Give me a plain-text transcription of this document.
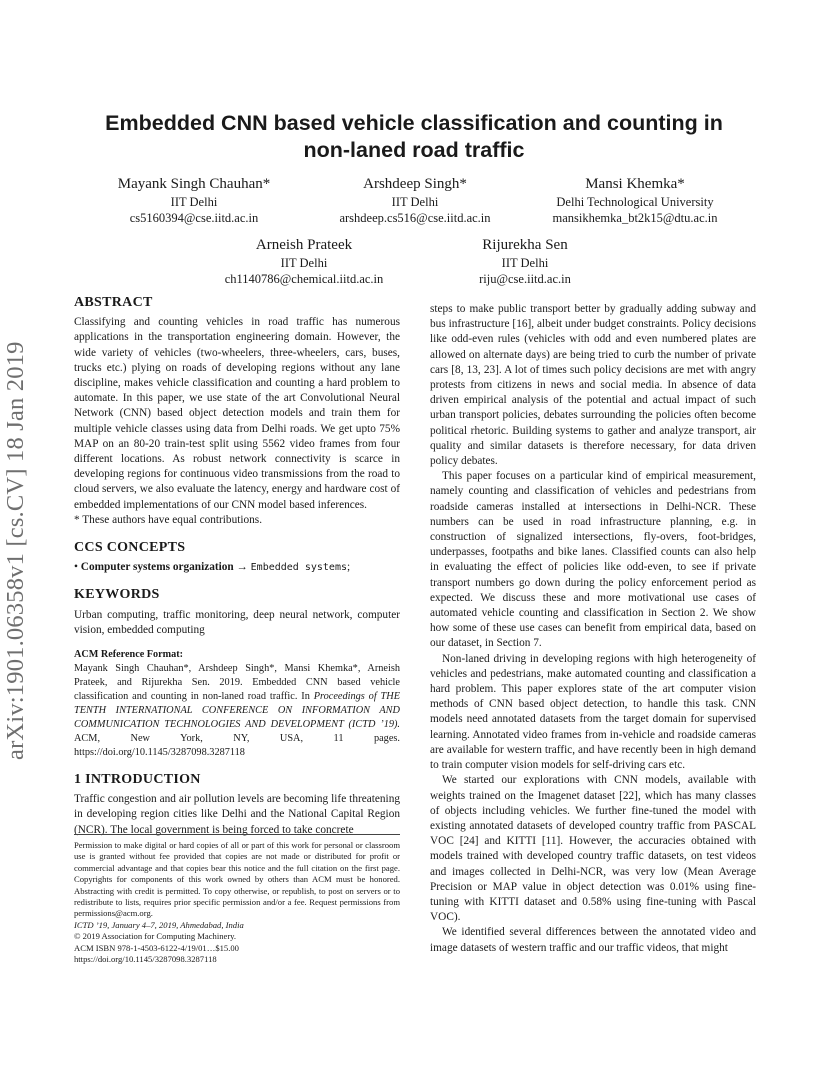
Embedded CNN based vehicle classification and counting in
non-laned road traffic
Mayank Singh Chauhan*
IIT Delhi
cs5160394@cse.iitd.ac.in
Arshdeep Singh*
IIT Delhi
arshdeep.cs516@cse.iitd.ac.in
Mansi Khemka*
Delhi Technological University
mansikhemka_bt2k15@dtu.ac.in
Arneish Prateek
IIT Delhi
ch1140786@chemical.iitd.ac.in
Rijurekha Sen
IIT Delhi
riju@cse.iitd.ac.in
arXiv:1901.06358v1 [cs.CV] 18 Jan 2019
ABSTRACT

Classifying and counting vehicles in road traffic has numerous applications in the transportation engineering domain. However, the wide variety of vehicles (two-wheelers, three-wheelers, cars, buses, trucks etc.) plying on roads of developing regions without any lane discipline, makes vehicle classification and counting a hard problem to automate. In this paper, we use state of the art Convolutional Neural Network (CNN) based object detection models and train them for multiple vehicle classes using data from Delhi roads. We get upto 75% MAP on an 80-20 train-test split using 5562 video frames from four different locations. As robust network connectivity is scarce in developing regions for continuous video transmissions from the road to cloud servers, we also evaluate the latency, energy and hardware cost of embedded implementations of our CNN model based inferences.

* These authors have equal contributions.

CCS CONCEPTS

• Computer systems organization → Embedded systems;

KEYWORDS

Urban computing, traffic monitoring, deep neural network, computer vision, embedded computing

ACM Reference Format:

Mayank Singh Chauhan*, Arshdeep Singh*, Mansi Khemka*, Arneish Prateek, and Rijurekha Sen. 2019. Embedded CNN based vehicle classification and counting in non-laned road traffic. In Proceedings of THE TENTH INTERNATIONAL CONFERENCE ON INFORMATION AND COMMUNICATION TECHNOLOGIES AND DEVELOPMENT (ICTD ’19). ACM, New York, NY, USA, 11 pages. https://doi.org/10.1145/3287098.3287118

1 INTRODUCTION

Traffic congestion and air pollution levels are becoming life threatening in developing region cities like Delhi and the National Capital Region (NCR). The local government is being forced to take concrete

Permission to make digital or hard copies of all or part of this work for personal or classroom use is granted without fee provided that copies are not made or distributed for profit or commercial advantage and that copies bear this notice and the full citation on the first page. Copyrights for components of this work owned by others than ACM must be honored. Abstracting with credit is permitted. To copy otherwise, or republish, to post on servers or to redistribute to lists, requires prior specific permission and/or a fee. Request permissions from permissions@acm.org.

ICTD ’19, January 4–7, 2019, Ahmedabad, India
© 2019 Association for Computing Machinery.
ACM ISBN 978-1-4503-6122-4/19/01…$15.00
https://doi.org/10.1145/3287098.3287118

steps to make public transport better by gradually adding subway and bus infrastructure [16], albeit under budget constraints. Policy decisions like odd-even rules (vehicles with odd and even numbered plates are allowed on alternate days) are being tried to curb the number of private cars [8, 13, 23]. A lot of times such policy decisions are met with angry protests from citizens in news and social media. In absence of data driven empirical analysis of the potential and actual impact of such urban transport policies, debates surrounding the policies often become political rhetoric. Building systems to gather and analyze transport, air quality and similar datasets is therefore necessary, for data driven policy debates.

This paper focuses on a particular kind of empirical measurement, namely counting and classification of vehicles and pedestrians from roadside cameras installed at intersections in Delhi-NCR. These numbers can be used in road infrastructure planning, e.g. in construction of signalized intersections, fly-overs, foot-bridges, underpasses, footpaths and bike lanes. Classified counts can also help in evaluating the effect of policies like odd-even, to see if private transport numbers go down during the policy enforcement period as expected. We discuss these and more motivational use cases of automated vehicle counting and classification in Section 2. We show how some of these use cases can benefit from empirical data, based on our dataset, in Section 7.

Non-laned driving in developing regions with high heterogeneity of vehicles and pedestrians, make automated counting and classification a hard problem. This paper explores state of the art computer vision methods of CNN based object detection, to handle this task. CNN models need annotated datasets from the target domain for supervised learning. Annotated video frames from in-vehicle and roadside cameras are available for western traffic, and have recently been in high demand to train computer vision models for self-driving cars etc.

We started our explorations with CNN models, available with weights trained on the Imagenet dataset [22], which has many classes of objects including vehicles. We further fine-tuned the model with existing annotated datasets of developed country traffic from PASCAL VOC [24] and KITTI [11]. However, the accuracies obtained with models trained with developed country traffic datasets, on test videos and images collected in Delhi-NCR, was very low (Mean Average Precision or MAP value in object detection was 0.01% using fine-tuning with KITTI dataset and 0.58% using fine-tuning with Pascal VOC).

We identified several differences between the annotated video and image datasets of western traffic and our traffic videos, that might
